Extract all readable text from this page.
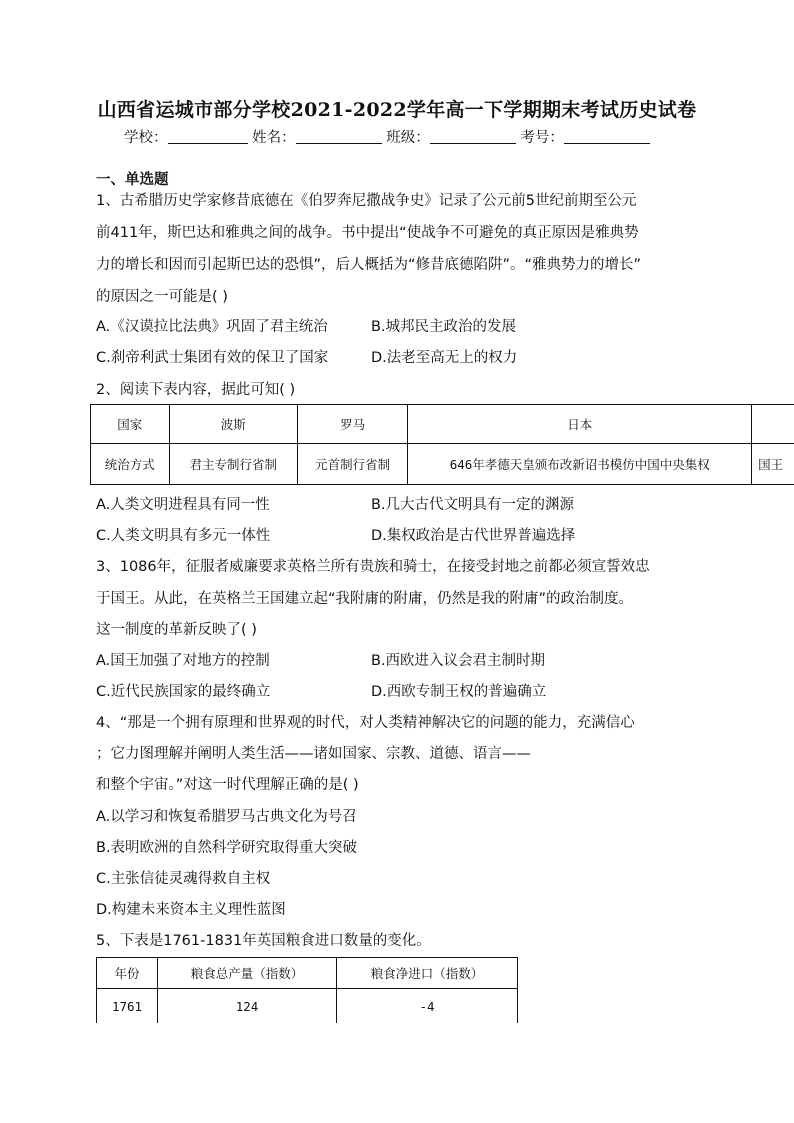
山西省运城市部分学校2021-2022学年高一下学期期末考试历史试卷
学校：	姓名：	班级：	考号：
一、单选题
1、古希腊历史学家修昔底德在《伯罗奔尼撒战争史》记录了公元前5世纪前期至公元
前411年，斯巴达和雅典之间的战争。书中提出“使战争不可避免的真正原因是雅典势
力的增长和因而引起斯巴达的恐惧”，后人概括为“修昔底德陷阱”。“雅典势力的增长”
的原因之一可能是( )
A.《汉谟拉比法典》巩固了君主统治	B.城邦民主政治的发展
C.刹帝利武士集团有效的保卫了国家	D.法老至高无上的权力
2、阅读下表内容，据此可知( )
国家	波斯	罗马	日本	
统治方式	君主专制行省制	元首制行省制	646年孝德天皇颁布改新诏书模仿中国中央集权	国王
A.人类文明进程具有同一性	B.几大古代文明具有一定的渊源
C.人类文明具有多元一体性	D.集权政治是古代世界普遍选择
3、1086年，征服者威廉要求英格兰所有贵族和骑士，在接受封地之前都必须宣誓效忠
于国王。从此，在英格兰王国建立起“我附庸的附庸，仍然是我的附庸”的政治制度。
这一制度的革新反映了( )
A.国王加强了对地方的控制	B.西欧进入议会君主制时期
C.近代民族国家的最终确立	D.西欧专制王权的普遍确立
4、“那是一个拥有原理和世界观的时代，对人类精神解决它的问题的能力，充满信心
；它力图理解并阐明人类生活——诸如国家、宗教、道德、语言——
和整个宇宙。”对这一时代理解正确的是( )
A.以学习和恢复希腊罗马古典文化为号召
B.表明欧洲的自然科学研究取得重大突破
C.主张信徒灵魂得救自主权
D.构建未来资本主义理性蓝图
5、下表是1761-1831年英国粮食进口数量的变化。
年份	粮食总产量（指数）	粮食净进口（指数）
1761	124	-4
